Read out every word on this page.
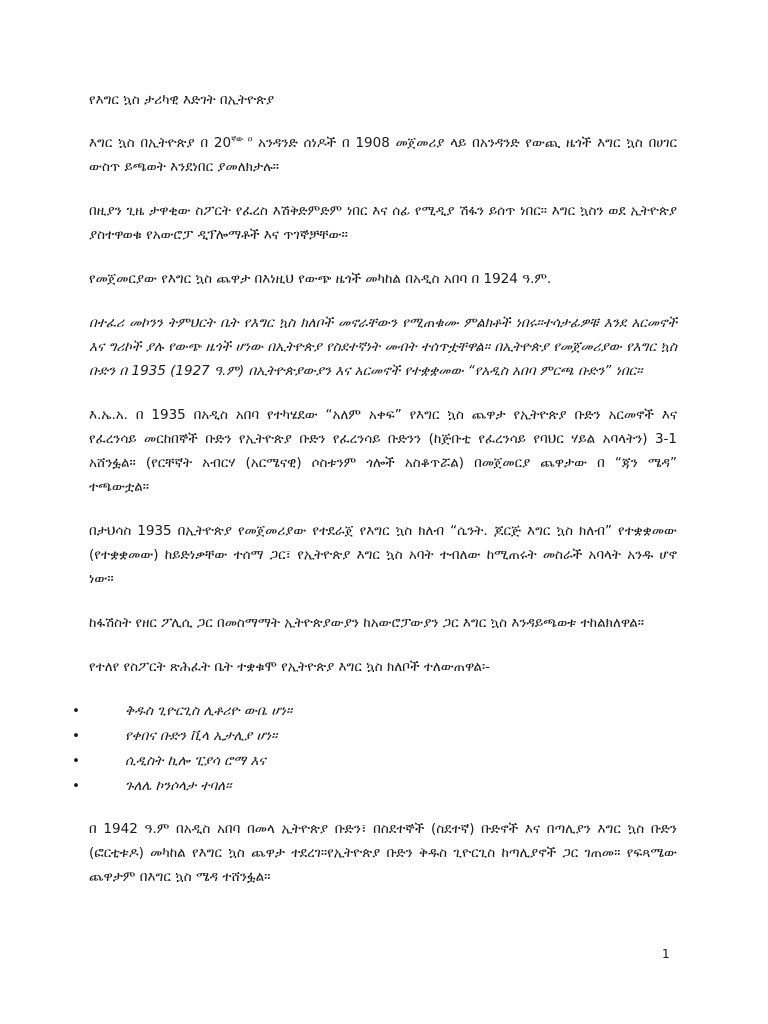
የእግር ኳስ ታሪካዊ እድገት በኢትዮጵያ

እግር ኳስ በኢትዮጵያ በ $20^{ኛው ዐ}$ አንዳንድ ሰነዶች በ 1908 መጀመሪያ ላይ በአንዳንድ የውጪ ዜጎች እግር ኳስ በሀገር ውስጥ ይጫወት እንደነበር ያመለክታሉ።

በዚያን ጊዜ ታዋቂው ስፖርት የፈረስ እሽቅድምድም ነበር እና ሰፊ የሚዲያ ሽፋን ይሰጥ ነበር። እግር ኳስን ወደ ኢትዮጵያ ያስተዋወቁ የአውሮፓ ዲፕሎማቶች እና ጥገኞቻቸው።

የመጀመርያው የእግር ኳስ ጨዋታ በእነዚህ የውጭ ዜጎች መካከል በአዲስ አበባ በ 1924 ዓ.ም.

በተፈሪ መኮንን ትምህርት ቤት የእግር ኳስ ክለቦች መኖራቸውን የሚጠቁሙ ምልክቶች ነበሩ።ተሳታፊዎቹ እንደ አርመኖች እና ግሪኮች ያሉ የውጭ ዜጎች ሆነው በኢትዮጵያ የስደተኛነት መብት ተሰጥቷቸዋል። በኢትዮጵያ የመጀመሪያው የእግር ኳስ ቡድን በ 1935 (1927 ዓ.ም) በኢትዮጵያውያን እና አርመኖች የተቋቋመው “የአዲስ አበባ ምርጫ ቡድን” ነበር።

እ.ኤ.አ. በ 1935 በአዲስ አበባ የተካሄደው “አለም አቀፍ” የእግር ኳስ ጨዋታ የኢትዮጵያ ቡድን አርመኖች እና የፈረንሳይ መርከበኞች ቡድን የኢትዮጵያ ቡድን የፈረንሳይ ቡድንን (ከጅቡቲ የፈረንሳይ የባህር ሃይል አባላትን) 3-1 አሸንፏል። (የርቸኛት አብርሃ (አርሜናዊ) ሶስቱንም ጎሎች አስቆጥሯል) በመጀመርያ ጨዋታው በ “ጃን ሜዳ” ተጫውቷል።

በታህሳስ 1935 በኢትዮጵያ የመጀመሪያው የተደራጀ የእግር ኳስ ክለብ “ሴንት. ጆርጅ እግር ኳስ ክለብ” የተቋቋመው (የተቋቋመው) ከይድነቃቸው ተሰማ ጋር፣ የኢትዮጵያ እግር ኳስ አባት ተብለው ከሚጠሩት መስራች አባላት አንዱ ሆኖ ነው።

ከፋሽስት የዘር ፖሊሲ ጋር በመስማማት ኢትዮጵያውያን ከአውሮፓውያን ጋር እግር ኳስ እንዳይጫወቱ ተከልክለዋል።

የተለየ የስፖርት ጽሕፈት ቤት ተቋቁሞ የኢትዮጵያ እግር ኳስ ክለቦች ተለውጠዋል፡-

• ቅዱስ ጊዮርጊስ ሊቶሪዮ ውቤ ሆነ።
• የቀበና ቡድን ቪላ ኢታሊያ ሆነ።
• ሲዲስት ኪሎ ፒያሳ ሮማ እና
• ጉለሌ ኮንሶላታ ተባለ።

በ 1942 ዓ.ም በአዲስ አበባ በመላ ኢትዮጵያ ቡድን፣ በስደተኞች (ስደተኛ) ቡድኖች እና በጣሊያን እግር ኳስ ቡድን (ፎርቲቱዶ) መካከል የእግር ኳስ ጨዋታ ተደረገ።የኢትዮጵያ ቡድን ቅዱስ ጊዮርጊስ ከጣሊያኖች ጋር ገጠመ። የፍጻሜው ጨዋታም በእግር ኳስ ሜዳ ተሸንፏል።

1
